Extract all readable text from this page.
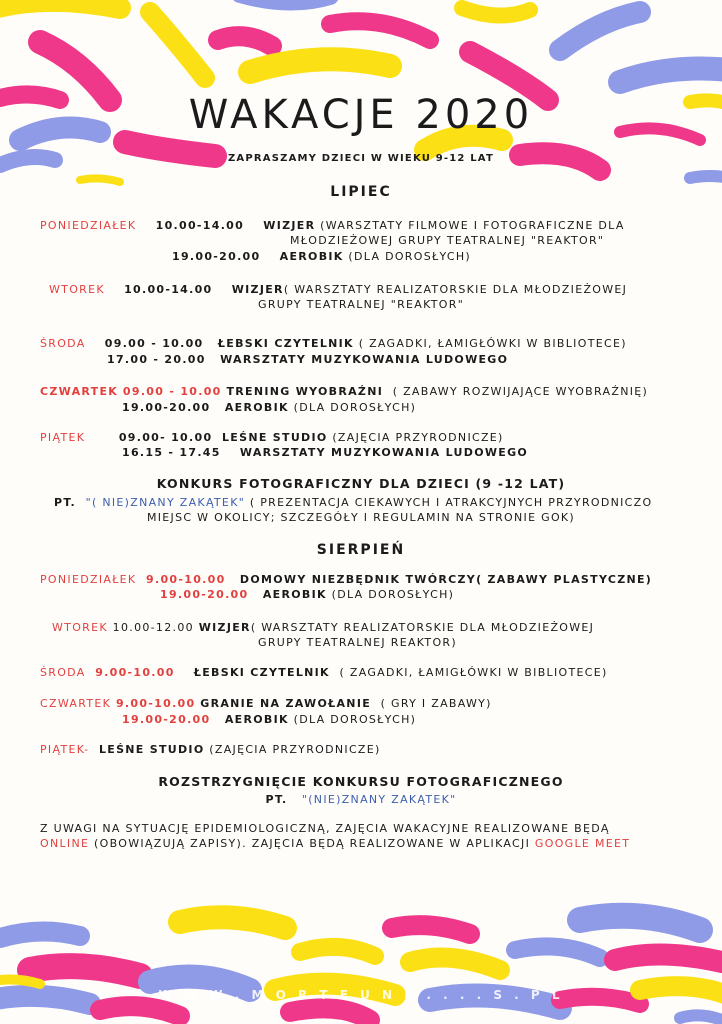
WAKACJE 2020

ZAPRASZAMY DZIECI W WIEKU 9-12 LAT

LIPIEC

PONIEDZIAŁEK 10.00-14.00 WIZJER (WARSZTATY FILMOWE I FOTOGRAFICZNE DLA

MŁODZIEŻOWEJ GRUPY TEATRALNEJ "REAKTOR"

19.00-20.00 AEROBIK (DLA DOROSŁYCH)

WTOREK 10.00-14.00 WIZJER( WARSZTATY REALIZATORSKIE DLA MŁODZIEŻOWEJ

GRUPY TEATRALNEJ "REAKTOR"

ŚRODA 09.00 - 10.00 ŁEBSKI CZYTELNIK ( ZAGADKI, ŁAMIGŁÓWKI W BIBLIOTECE)

17.00 - 20.00 WARSZTATY MUZYKOWANIA LUDOWEGO

CZWARTEK 09.00 - 10.00 TRENING WYOBRAŹNI ( ZABAWY ROZWIJAJĄCE WYOBRAŹNIĘ)

19.00-20.00 AEROBIK (DLA DOROSŁYCH)

PIĄTEK	09.00- 10.00 LEŚNE STUDIO (ZAJĘCIA PRZYRODNICZE)

16.15 - 17.45 WARSZTATY MUZYKOWANIA LUDOWEGO

KONKURS FOTOGRAFICZNY DLA DZIECI (9 -12 LAT)

PT. "( NIE)ZNANY ZAKĄTEK" ( PREZENTACJA CIEKAWYCH I ATRAKCYJNYCH PRZYRODNICZO

MIEJSC W OKOLICY; SZCZEGÓŁY I REGULAMIN NA STRONIE GOK)

SIERPIEŃ

PONIEDZIAŁEK 9.00-10.00 DOMOWY NIEZBĘDNIK TWÓRCZY( ZABAWY PLASTYCZNE)

19.00-20.00 AEROBIK (DLA DOROSŁYCH)

WTOREK 10.00-12.00 WIZJER( WARSZTATY REALIZATORSKIE DLA MŁODZIEŻOWEJ

GRUPY TEATRALNEJ REAKTOR)

ŚRODA 9.00-10.00 ŁEBSKI CZYTELNIK ( ZAGADKI, ŁAMIGŁÓWKI W BIBLIOTECE)

CZWARTEK 9.00-10.00 GRANIE NA ZAWOŁANIE ( GRY I ZABAWY)

19.00-20.00 AEROBIK (DLA DOROSŁYCH)

PIĄTEK- LEŚNE STUDIO (ZAJĘCIA PRZYRODNICZE)

ROZSTRZYGNIĘCIE KONKURSU FOTOGRAFICZNEGO

PT. "(NIE)ZNANY ZAKĄTEK"

Z UWAGI NA SYTUACJĘ EPIDEMIOLOGICZNĄ, ZAJĘCIA WAKACYJNE REALIZOWANE BĘDĄ

ONLINE (OBOWIĄZUJĄ ZAPISY). ZAJĘCIA BĘDĄ REALIZOWANE W APLIKACJI GOOGLE MEET

W W W . M O R T E U N D . . . . S . P L
